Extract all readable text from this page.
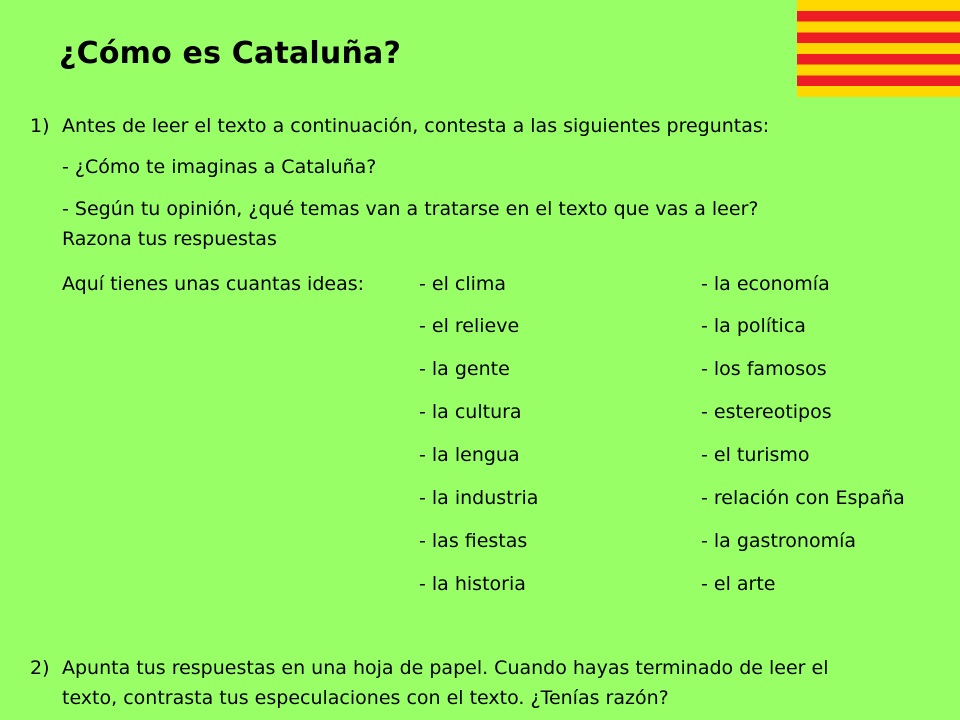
¿Cómo es Cataluña?
1) Antes de leer el texto a continuación, contesta a las siguientes preguntas:
- ¿Cómo te imaginas a Cataluña?
- Según tu opinión, ¿qué temas van a tratarse en el texto que vas a leer?
Razona tus respuestas
Aquí tienes unas cuantas ideas:	- el clima
- el relieve
- la gente
- la cultura
- la lengua
- la industria
- las fiestas
- la historia
- la economía
- la política
- los famosos
- estereotipos
- el turismo
- relación con España
- la gastronomía
- el arte
2) Apunta tus respuestas en una hoja de papel. Cuando hayas terminado de leer el
texto, contrasta tus especulaciones con el texto. ¿Tenías razón?
